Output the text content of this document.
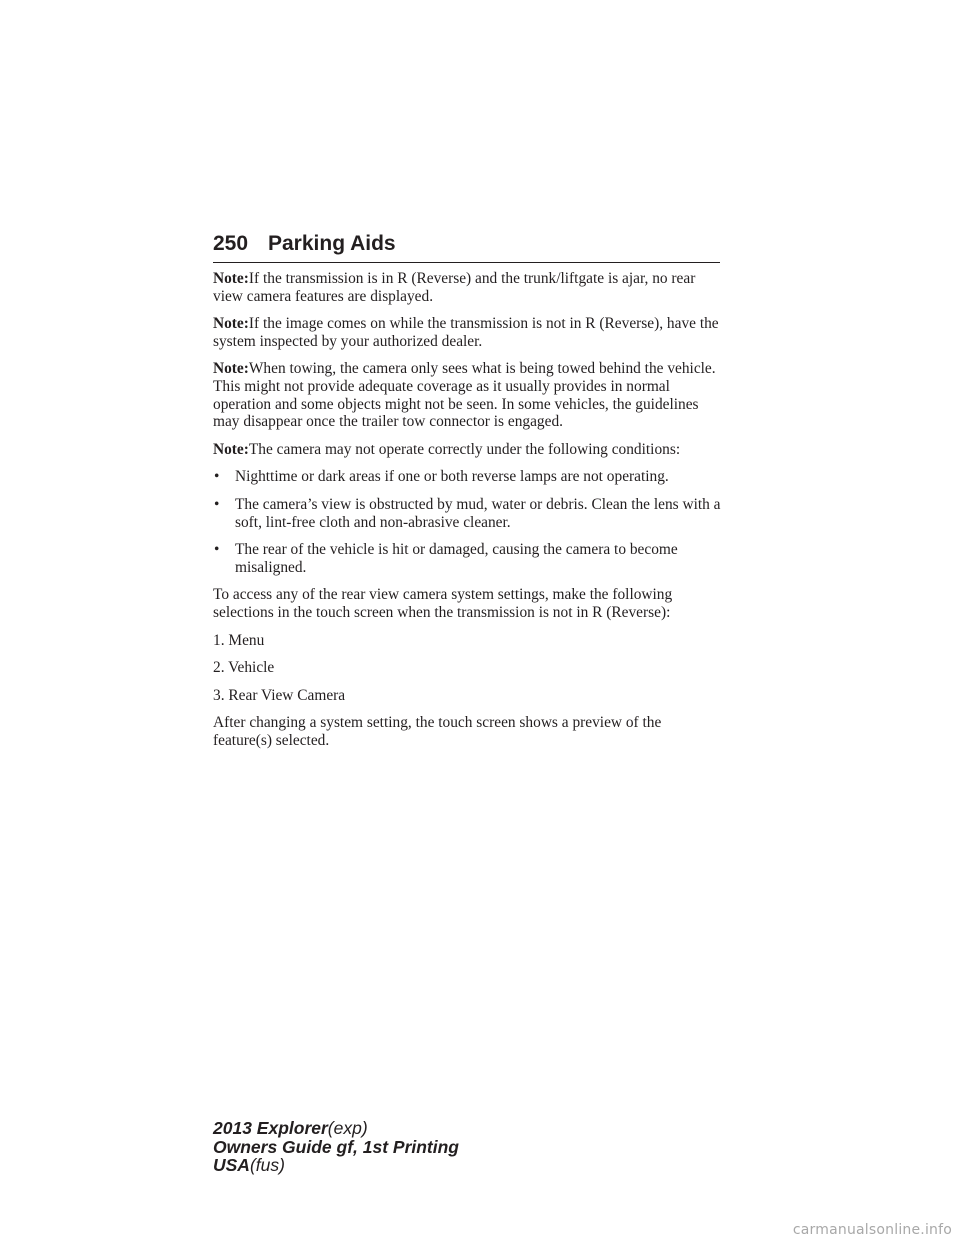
250 Parking Aids

Note:If the transmission is in R (Reverse) and the trunk/liftgate is ajar, no rear view camera features are displayed.

Note:If the image comes on while the transmission is not in R (Reverse), have the system inspected by your authorized dealer.

Note:When towing, the camera only sees what is being towed behind the vehicle. This might not provide adequate coverage as it usually provides in normal operation and some objects might not be seen. In some vehicles, the guidelines may disappear once the trailer tow connector is engaged.

Note:The camera may not operate correctly under the following conditions:

• Nighttime or dark areas if one or both reverse lamps are not operating.
• The camera’s view is obstructed by mud, water or debris. Clean the lens with a soft, lint-free cloth and non-abrasive cleaner.
• The rear of the vehicle is hit or damaged, causing the camera to become misaligned.

To access any of the rear view camera system settings, make the following selections in the touch screen when the transmission is not in R (Reverse):

1. Menu
2. Vehicle
3. Rear View Camera

After changing a system setting, the touch screen shows a preview of the feature(s) selected.

2013 Explorer(exp)
Owners Guide gf, 1st Printing
USA(fus)
carmanualsonline.info
